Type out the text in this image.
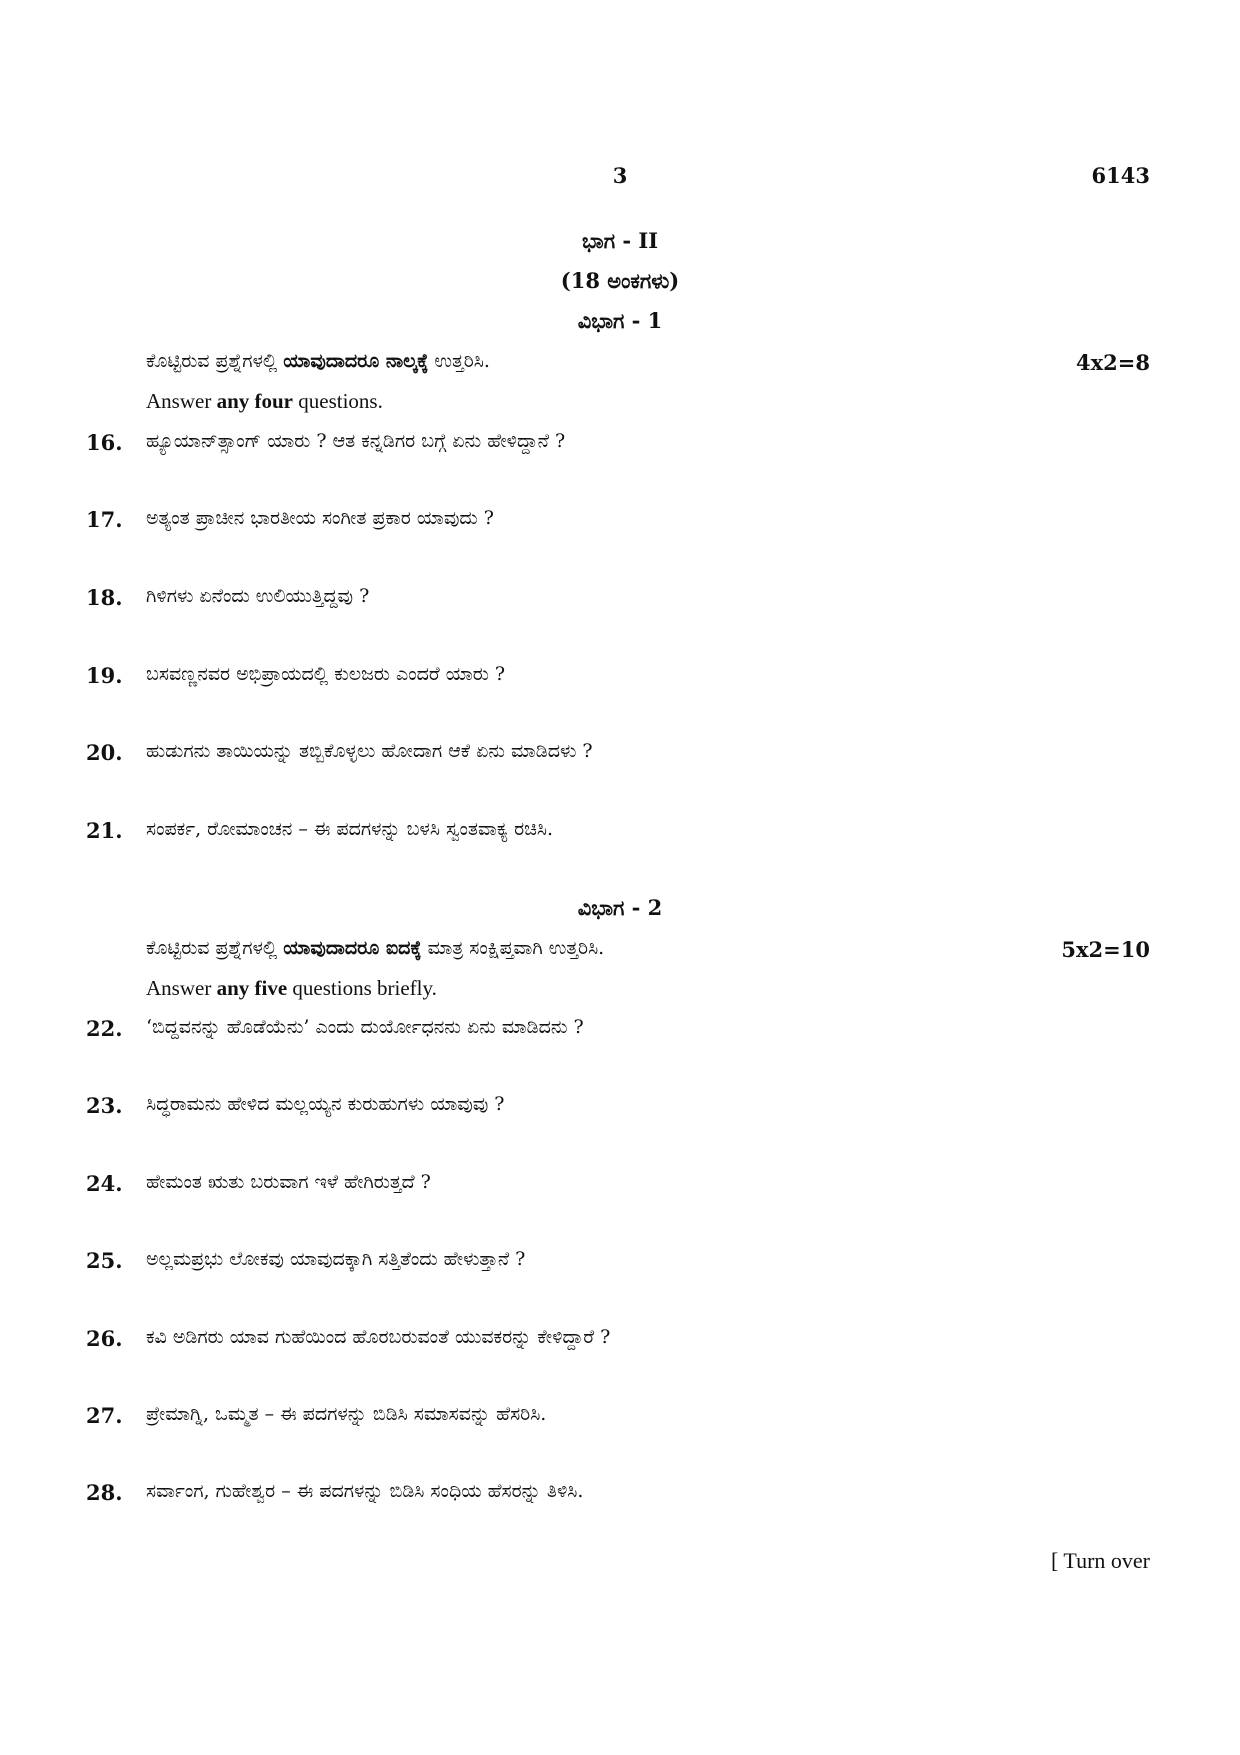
3	6143
ಭಾಗ - II
(18 ಅಂಕಗಳು)
ವಿಭಾಗ - 1
ಕೊಟ್ಟಿರುವ ಪ್ರಶ್ನೆಗಳಲ್ಲಿ ಯಾವುದಾದರೂ ನಾಲ್ಕಕ್ಕೆ ಉತ್ತರಿಸಿ.	4x2=8
Answer any four questions.
16.	ಹ್ಯೂಯಾನ್‌ತ್ಸಾಂಗ್ ಯಾರು ? ಆತ ಕನ್ನಡಿಗರ ಬಗ್ಗೆ ಏನು ಹೇಳಿದ್ದಾನೆ ?
17.	ಅತ್ಯಂತ ಪ್ರಾಚೀನ ಭಾರತೀಯ ಸಂಗೀತ ಪ್ರಕಾರ ಯಾವುದು ?
18.	ಗಿಳಿಗಳು ಏನೆಂದು ಉಲಿಯುತ್ತಿದ್ದವು ?
19.	ಬಸವಣ್ಣನವರ ಅಭಿಪ್ರಾಯದಲ್ಲಿ ಕುಲಜರು ಎಂದರೆ ಯಾರು ?
20.	ಹುಡುಗನು ತಾಯಿಯನ್ನು ತಬ್ಬಿಕೊಳ್ಳಲು ಹೋದಾಗ ಆಕೆ ಏನು ಮಾಡಿದಳು ?
21.	ಸಂಪರ್ಕ, ರೋಮಾಂಚನ – ಈ ಪದಗಳನ್ನು ಬಳಸಿ ಸ್ವಂತವಾಕ್ಯ ರಚಿಸಿ.
ವಿಭಾಗ - 2
ಕೊಟ್ಟಿರುವ ಪ್ರಶ್ನೆಗಳಲ್ಲಿ ಯಾವುದಾದರೂ ಐದಕ್ಕೆ ಮಾತ್ರ ಸಂಕ್ಷಿಪ್ತವಾಗಿ ಉತ್ತರಿಸಿ.	5x2=10
Answer any five questions briefly.
22.	‘ಬಿದ್ದವನನ್ನು ಹೊಡೆಯೆನು’ ಎಂದು ದುರ್ಯೋಧನನು ಏನು ಮಾಡಿದನು ?
23.	ಸಿದ್ಧರಾಮನು ಹೇಳಿದ ಮಲ್ಲಯ್ಯನ ಕುರುಹುಗಳು ಯಾವುವು ?
24.	ಹೇಮಂತ ಋತು ಬರುವಾಗ ಇಳೆ ಹೇಗಿರುತ್ತದೆ ?
25.	ಅಲ್ಲಮಪ್ರಭು ಲೋಕವು ಯಾವುದಕ್ಕಾಗಿ ಸತ್ತಿತೆಂದು ಹೇಳುತ್ತಾನೆ ?
26.	ಕವಿ ಅಡಿಗರು ಯಾವ ಗುಹೆಯಿಂದ ಹೊರಬರುವಂತೆ ಯುವಕರನ್ನು ಕೇಳಿದ್ದಾರೆ ?
27.	ಪ್ರೇಮಾಗ್ನಿ, ಒಮ್ಮತ – ಈ ಪದಗಳನ್ನು ಬಿಡಿಸಿ ಸಮಾಸವನ್ನು ಹೆಸರಿಸಿ.
28.	ಸರ್ವಾಂಗ, ಗುಹೇಶ್ವರ – ಈ ಪದಗಳನ್ನು ಬಿಡಿಸಿ ಸಂಧಿಯ ಹೆಸರನ್ನು ತಿಳಿಸಿ.
[ Turn over
